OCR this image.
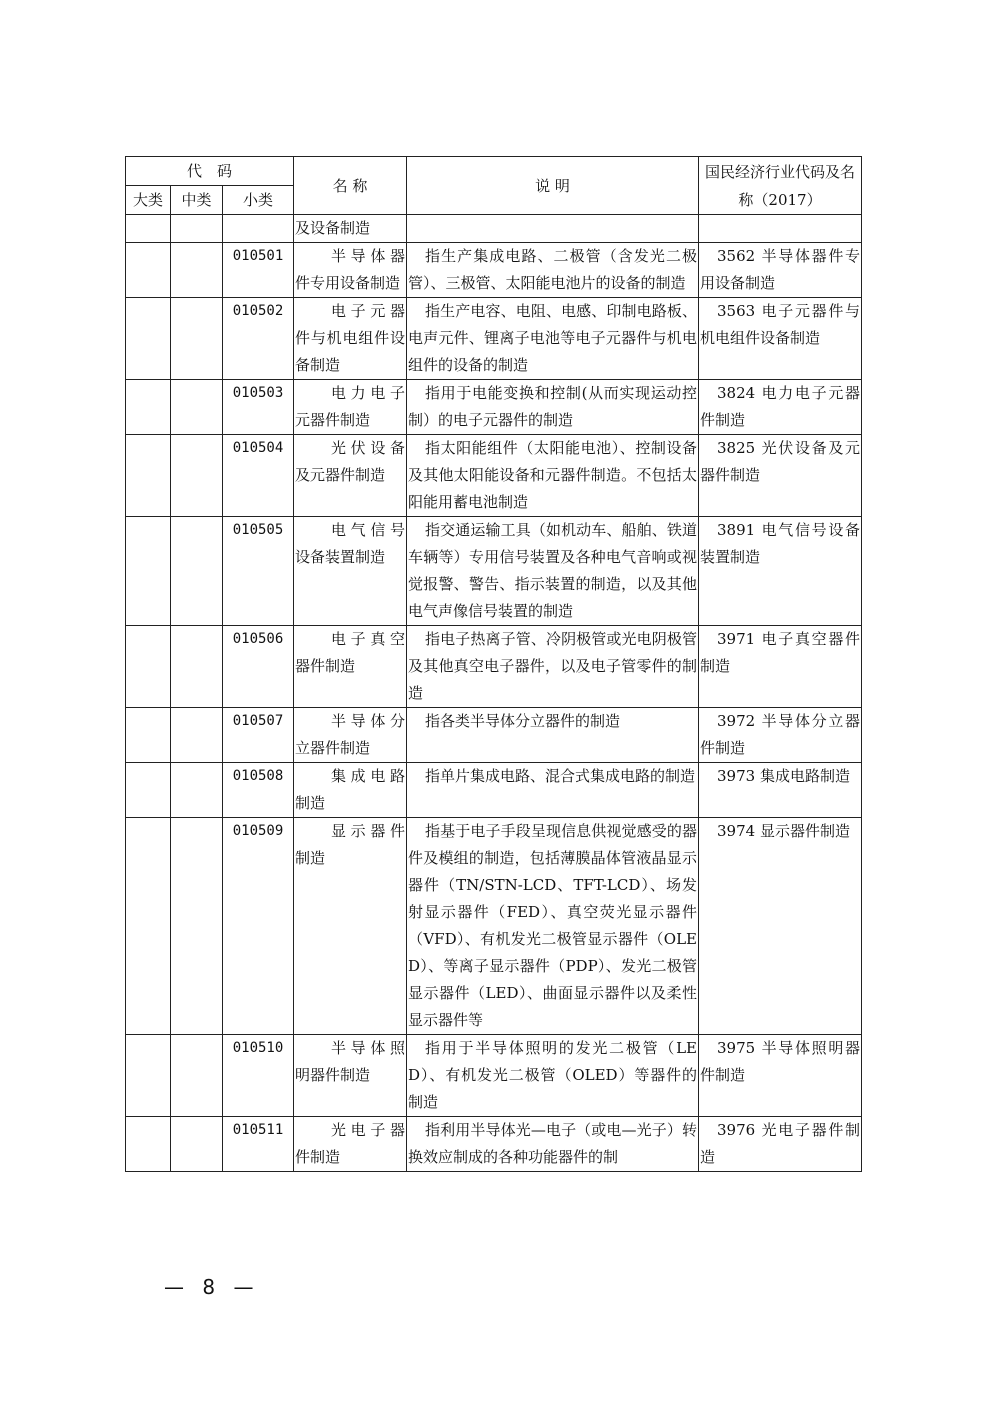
代　码			名 称	说 明	国民经济行业代码及名称（2017）
大类	中类	小类			
			及设备制造		
		010501	半导体器件专用设备制造	指生产集成电路、二极管（含发光二极管）、三极管、太阳能电池片的设备的制造	3562 半导体器件专用设备制造
		010502	电子元器件与机电组件设备制造	指生产电容、电阻、电感、印制电路板、电声元件、锂离子电池等电子元器件与机电组件的设备的制造	3563 电子元器件与机电组件设备制造
		010503	电力电子元器件制造	指用于电能变换和控制(从而实现运动控制）的电子元器件的制造	3824 电力电子元器件制造
		010504	光伏设备及元器件制造	指太阳能组件（太阳能电池）、控制设备及其他太阳能设备和元器件制造。不包括太阳能用蓄电池制造	3825 光伏设备及元器件制造
		010505	电气信号设备装置制造	指交通运输工具（如机动车、船舶、铁道车辆等）专用信号装置及各种电气音响或视觉报警、警告、指示装置的制造，以及其他电气声像信号装置的制造	3891 电气信号设备装置制造
		010506	电子真空器件制造	指电子热离子管、冷阴极管或光电阴极管及其他真空电子器件，以及电子管零件的制造	3971 电子真空器件制造
		010507	半导体分立器件制造	指各类半导体分立器件的制造	3972 半导体分立器件制造
		010508	集成电路制造	指单片集成电路、混合式集成电路的制造	3973 集成电路制造
		010509	显示器件制造	指基于电子手段呈现信息供视觉感受的器件及模组的制造，包括薄膜晶体管液晶显示器件（TN/STN-LCD、TFT-LCD）、场发射显示器件（FED）、真空荧光显示器件（VFD）、有机发光二极管显示器件（OLED）、等离子显示器件（PDP）、发光二极管显示器件（LED）、曲面显示器件以及柔性显示器件等	3974 显示器件制造
		010510	半导体照明器件制造	指用于半导体照明的发光二极管（LED）、有机发光二极管（OLED）等器件的制造	3975 半导体照明器件制造
		010511	光电子器件制造	指利用半导体光—电子（或电—光子）转换效应制成的各种功能器件的制	3976 光电子器件制造
— 8 —
